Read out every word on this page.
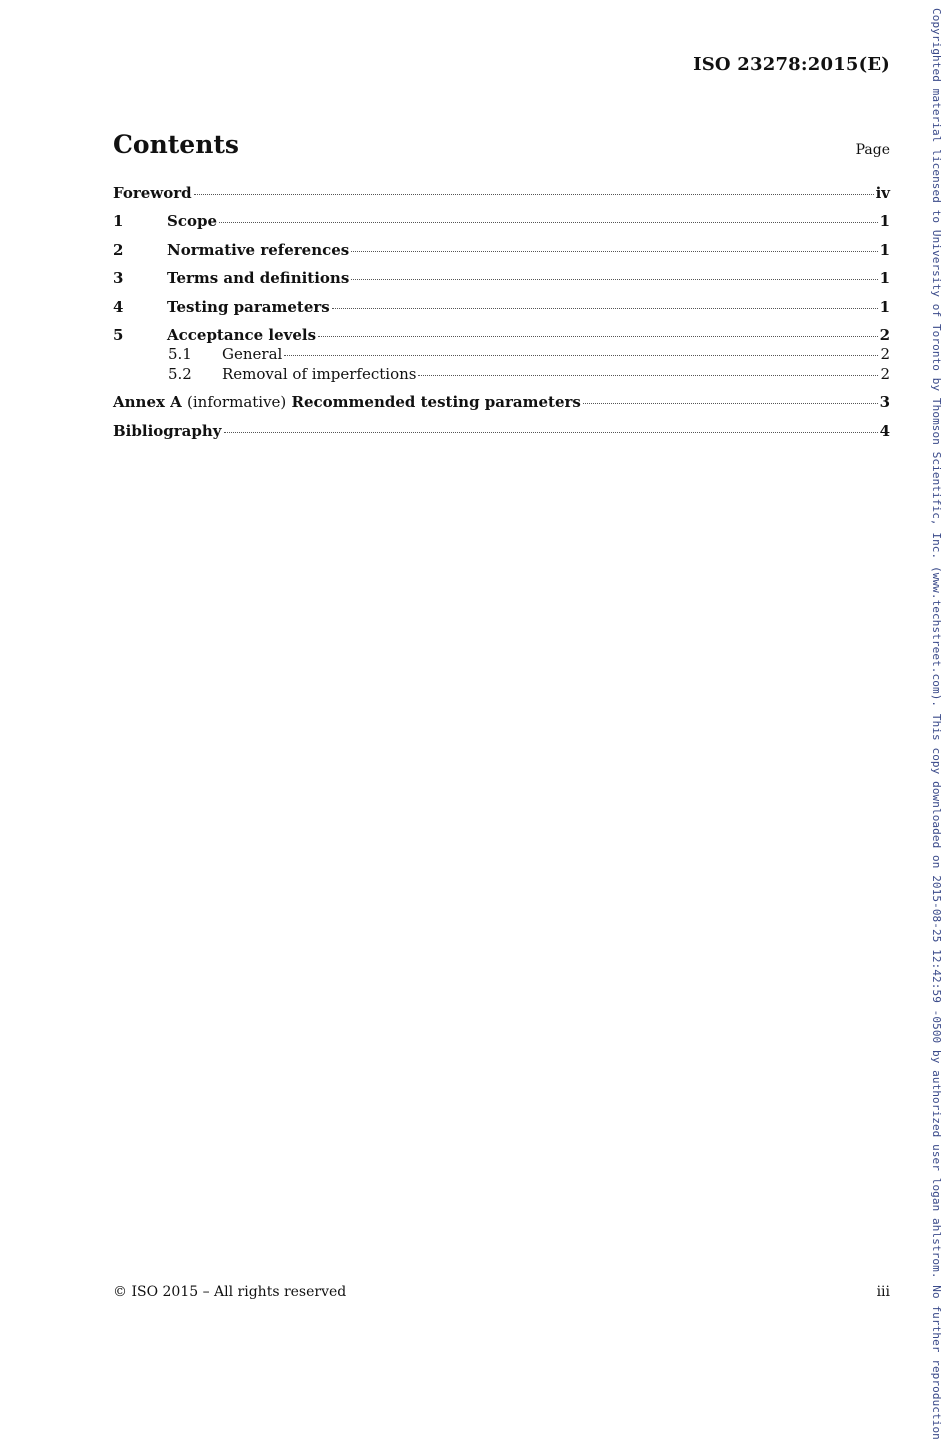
ISO 23278:2015(E)
Contents	Page
Foreword	iv
1	Scope	1
2	Normative references	1
3	Terms and definitions	1
4	Testing parameters	1
5	Acceptance levels	2
5.1	General	2
5.2	Removal of imperfections	2
Annex A (informative) Recommended testing parameters	3
Bibliography	4
© ISO 2015 – All rights reserved	iii	Copyrighted material licensed to University of Toronto by Thomson Scientific, Inc. (www.techstreet.com). This copy downloaded on 2015-08-25 12:42:59 -0500 by authorized user logan ahlstrom. No further reproduction
